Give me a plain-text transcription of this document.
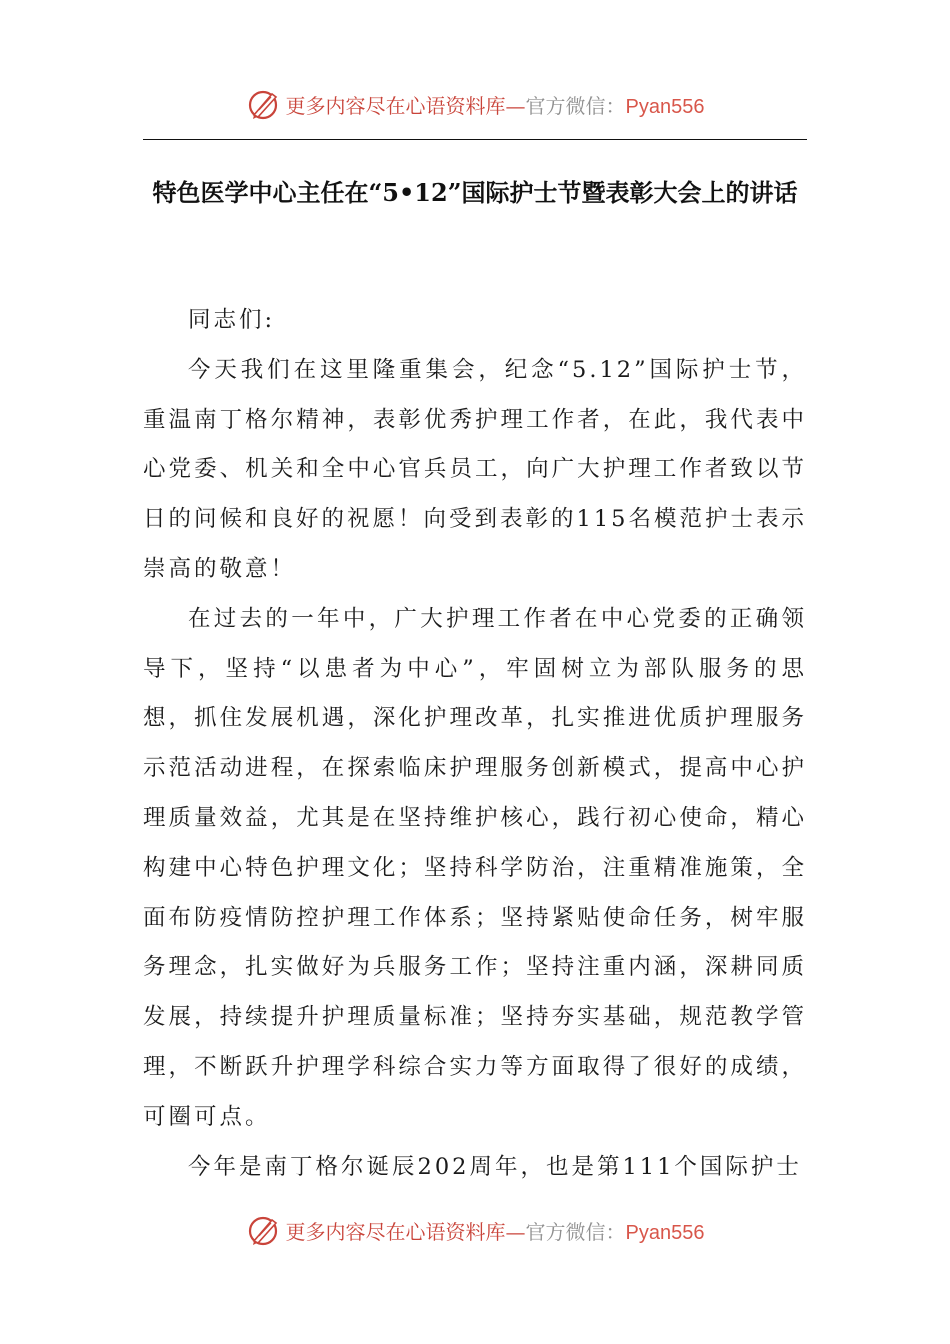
更多内容尽在心语资料库—官方微信：Pyan556
特色医学中心主任在“5•12”国际护士节暨表彰大会上的讲话

同志们:

今天我们在这里隆重集会，纪念“5.12”国际护士节，重温南丁格尔精神，表彰优秀护理工作者，在此，我代表中心党委、机关和全中心官兵员工，向广大护理工作者致以节日的问候和良好的祝愿！向受到表彰的115名模范护士表示崇高的敬意！

在过去的一年中，广大护理工作者在中心党委的正确领导下，坚持“以患者为中心”，牢固树立为部队服务的思想，抓住发展机遇，深化护理改革，扎实推进优质护理服务示范活动进程，在探索临床护理服务创新模式，提高中心护理质量效益，尤其是在坚持维护核心，践行初心使命，精心构建中心特色护理文化；坚持科学防治，注重精准施策，全面布防疫情防控护理工作体系；坚持紧贴使命任务，树牢服务理念，扎实做好为兵服务工作；坚持注重内涵，深耕同质发展，持续提升护理质量标准；坚持夯实基础，规范教学管理，不断跃升护理学科综合实力等方面取得了很好的成绩，可圈可点。

今年是南丁格尔诞辰202周年，也是第111个国际护士

更多内容尽在心语资料库—官方微信：Pyan556
